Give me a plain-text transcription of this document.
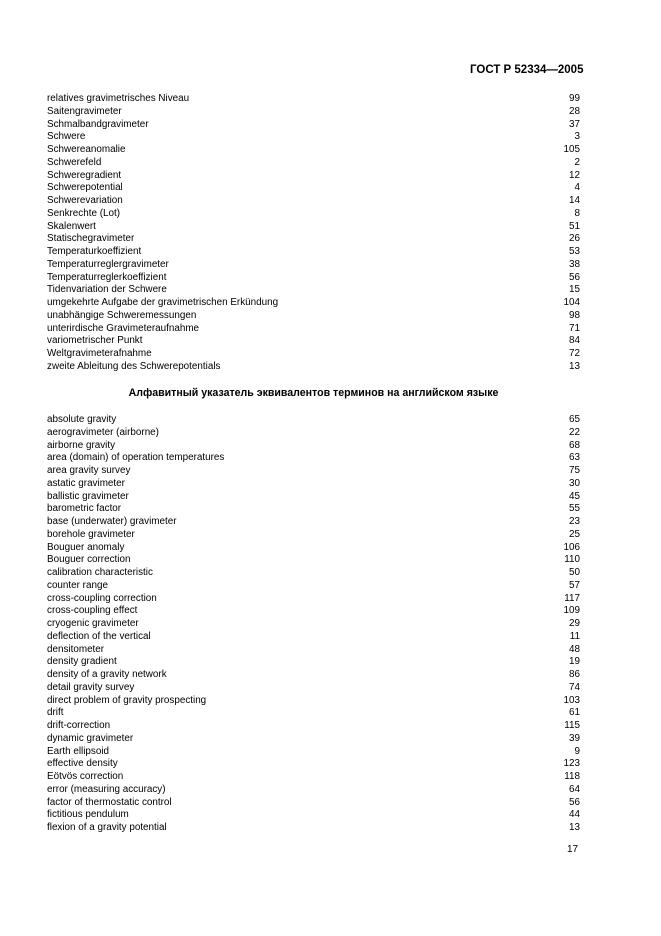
ГОСТ Р 52334—2005
relatives gravimetrisches Niveau	99
Saitengravimeter	28
Schmalbandgravimeter	37
Schwere	3
Schwereanomalie	105
Schwerefeld	2
Schweregradient	12
Schwerepotential	4
Schwerevariation	14
Senkrechte (Lot)	8
Skalenwert	51
Statischegravimeter	26
Temperaturkoeffizient	53
Temperaturreglergravimeter	38
Temperaturreglerkoeffizient	56
Tidenvariation der Schwere	15
umgekehrte Aufgabe der gravimetrischen Erkündung	104
unabhängige Schweremessungen	98
unterirdische Gravimeteraufnahme	71
variometrischer Punkt	84
Weltgravimeterafnahme	72
zweite Ableitung des Schwerepotentials	13
Алфавитный указатель эквивалентов терминов на английском языке
absolute gravity	65
aerogravimeter (airborne)	22
airborne gravity	68
area (domain) of operation temperatures	63
area gravity survey	75
astatic gravimeter	30
ballistic gravimeter	45
barometric factor	55
base (underwater) gravimeter	23
borehole gravimeter	25
Bouguer anomaly	106
Bouguer correction	110
calibration characteristic	50
counter range	57
cross-coupling correction	117
cross-coupling effect	109
cryogenic gravimeter	29
deflection of the vertical	11
densitometer	48
density gradient	19
density of a gravity network	86
detail gravity survey	74
direct problem of gravity prospecting	103
drift	61
drift-correction	115
dynamic gravimeter	39
Earth ellipsoid	9
effective density	123
Eötvös correction	118
error (measuring accuracy)	64
factor of thermostatic control	56
fictitious pendulum	44
flexion of a gravity potential	13
17
